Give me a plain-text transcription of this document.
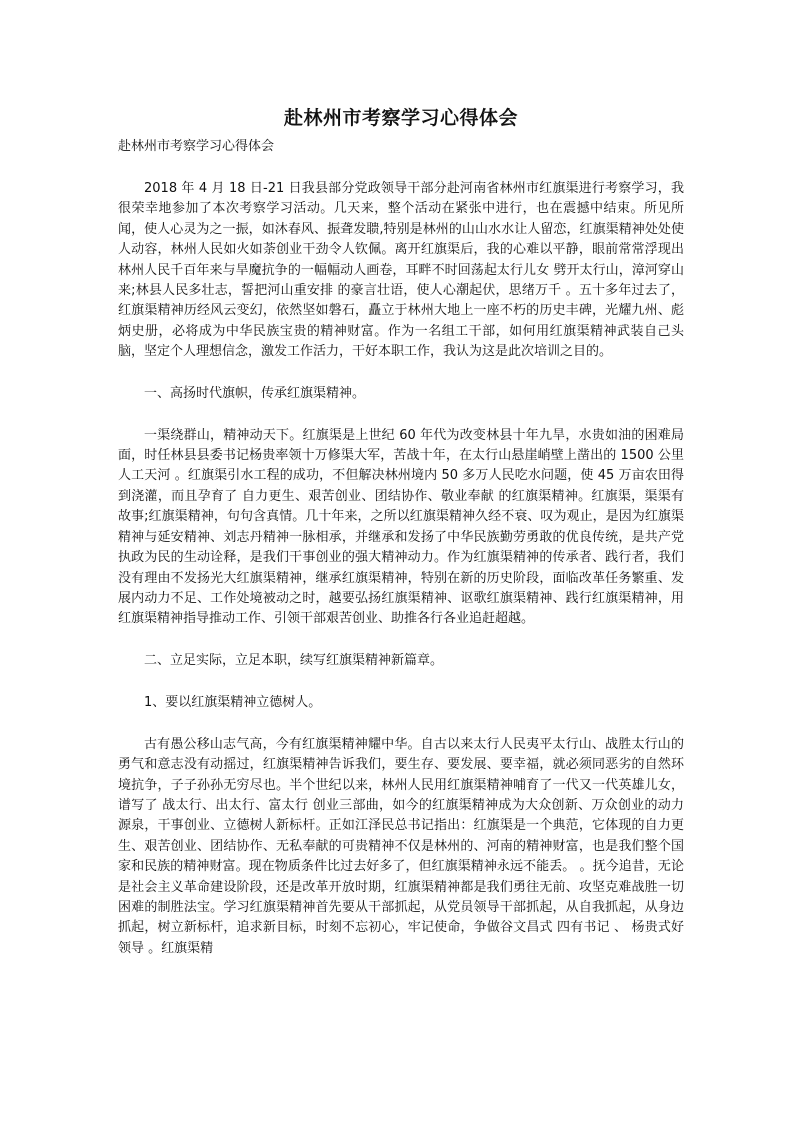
赴林州市考察学习心得体会
赴林州市考察学习心得体会

2018 年 4 月 18 日-21 日我县部分党政领导干部分赴河南省林州市红旗渠进行考察学习，我很荣幸地参加了本次考察学习活动。几天来，整个活动在紧张中进行，也在震撼中结束。所见所闻，使人心灵为之一振，如沐春风、振聋发聩,特别是林州的山山水水让人留恋，红旗渠精神处处使人动容，林州人民如火如荼创业干劲令人钦佩。离开红旗渠后，我的心难以平静，眼前常常浮现出林州人民千百年来与旱魔抗争的一幅幅动人画卷，耳畔不时回荡起太行儿女 劈开太行山，漳河穿山来;林县人民多壮志，誓把河山重安排 的豪言壮语，使人心潮起伏，思绪万千 。五十多年过去了，红旗渠精神历经风云变幻，依然坚如磐石，矗立于林州大地上一座不朽的历史丰碑，光耀九州、彪炳史册，必将成为中华民族宝贵的精神财富。作为一名组工干部，如何用红旗渠精神武装自己头脑，坚定个人理想信念，激发工作活力，干好本职工作，我认为这是此次培训之目的。

一、高扬时代旗帜，传承红旗渠精神。

一渠绕群山，精神动天下。红旗渠是上世纪 60 年代为改变林县十年九旱，水贵如油的困难局面，时任林县县委书记杨贵率领十万修渠大军，苦战十年，在太行山悬崖峭壁上凿出的 1500 公里 人工天河 。红旗渠引水工程的成功，不但解决林州境内 50 多万人民吃水问题，使 45 万亩农田得到浇灌，而且孕育了 自力更生、艰苦创业、团结协作、敬业奉献 的红旗渠精神。红旗渠，渠渠有故事;红旗渠精神，句句含真情。几十年来，之所以红旗渠精神久经不衰、叹为观止，是因为红旗渠精神与延安精神、刘志丹精神一脉相承，并继承和发扬了中华民族勤劳勇敢的优良传统，是共产党执政为民的生动诠释，是我们干事创业的强大精神动力。作为红旗渠精神的传承者、践行者，我们没有理由不发扬光大红旗渠精神，继承红旗渠精神，特别在新的历史阶段，面临改革任务繁重、发展内动力不足、工作处境被动之时，越要弘扬红旗渠精神、讴歌红旗渠精神、践行红旗渠精神，用红旗渠精神指导推动工作、引领干部艰苦创业、助推各行各业追赶超越。

二、立足实际，立足本职，续写红旗渠精神新篇章。
1、要以红旗渠精神立德树人。

古有愚公移山志气高，今有红旗渠精神耀中华。自古以来太行人民夷平太行山、战胜太行山的勇气和意志没有动摇过，红旗渠精神告诉我们，要生存、要发展、要幸福，就必须同恶劣的自然环境抗争，子子孙孙无穷尽也。半个世纪以来，林州人民用红旗渠精神哺育了一代又一代英雄儿女，谱写了 战太行、出太行、富太行 创业三部曲，如今的红旗渠精神成为大众创新、万众创业的动力源泉，干事创业、立德树人新标杆。正如江泽民总书记指出：红旗渠是一个典范，它体现的自力更生、艰苦创业、团结协作、无私奉献的可贵精神不仅是林州的、河南的精神财富，也是我们整个国家和民族的精神财富。现在物质条件比过去好多了，但红旗渠精神永远不能丢。 。抚今追昔，无论是社会主义革命建设阶段，还是改革开放时期，红旗渠精神都是我们勇往无前、攻坚克难战胜一切困难的制胜法宝。学习红旗渠精神首先要从干部抓起，从党员领导干部抓起，从自我抓起，从身边抓起，树立新标杆，追求新目标，时刻不忘初心，牢记使命，争做谷文昌式 四有书记 、 杨贵式好领导 。红旗渠精
